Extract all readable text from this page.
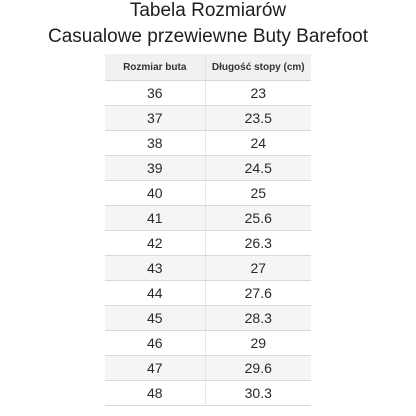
Tabela Rozmiarów
Casualowe przewiewne Buty Barefoot
Rozmiar buta	Długość stopy (cm)
36	23
37	23.5
38	24
39	24.5
40	25
41	25.6
42	26.3
43	27
44	27.6
45	28.3
46	29
47	29.6
48	30.3
